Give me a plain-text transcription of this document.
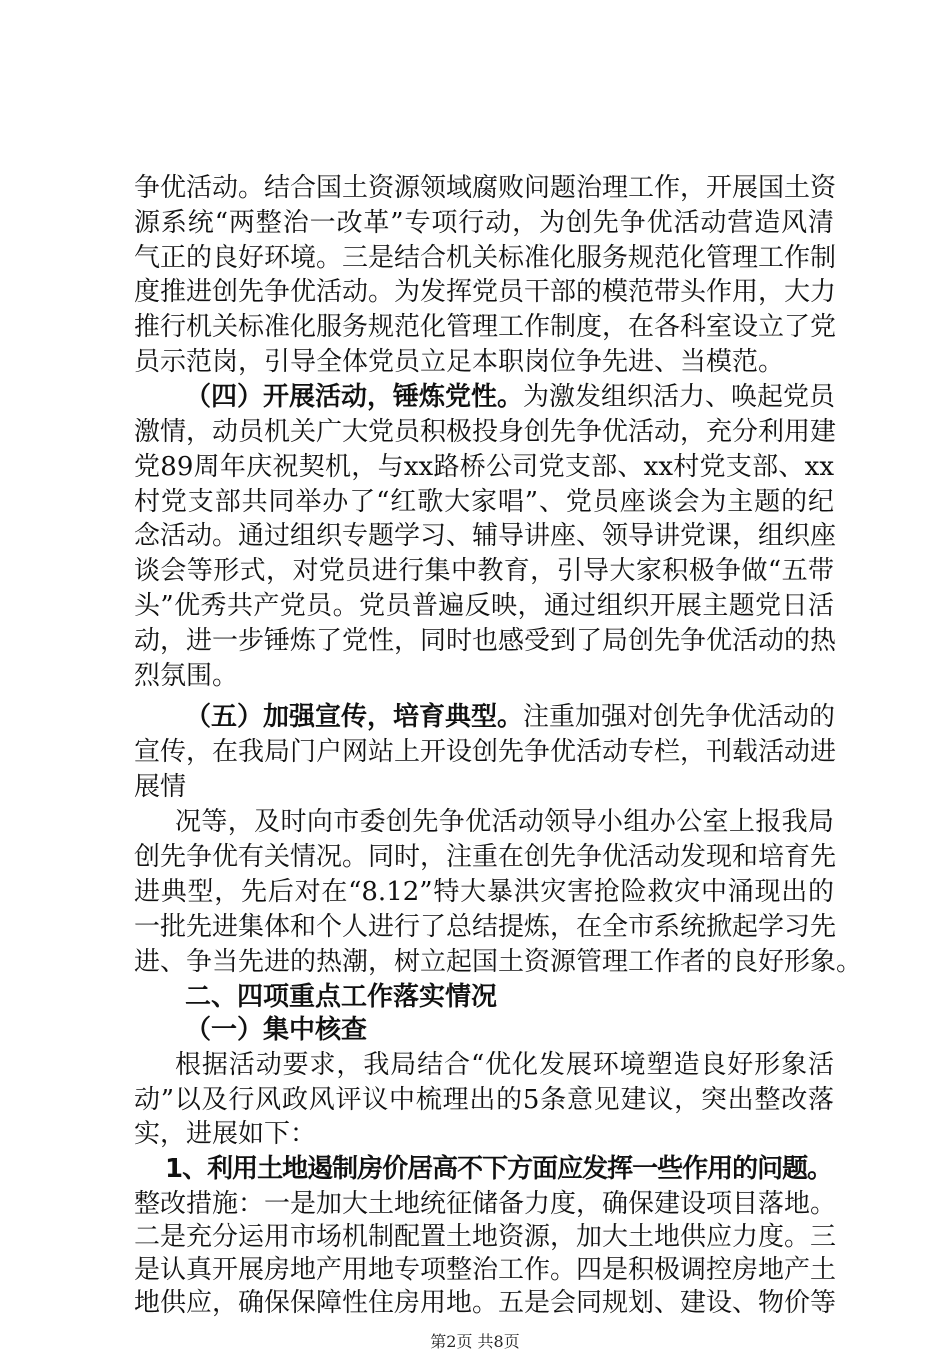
争优活动。结合国土资源领域腐败问题治理工作，开展国土资
源系统“两整治一改革”专项行动，为创先争优活动营造风清
气正的良好环境。三是结合机关标准化服务规范化管理工作制
度推进创先争优活动。为发挥党员干部的模范带头作用，大力
推行机关标准化服务规范化管理工作制度，在各科室设立了党
员示范岗，引导全体党员立足本职岗位争先进、当模范。
（四）开展活动，锤炼党性。为激发组织活力、唤起党员
激情，动员机关广大党员积极投身创先争优活动，充分利用建
党89周年庆祝契机，与xx路桥公司党支部、xx村党支部、xx
村党支部共同举办了“红歌大家唱”、党员座谈会为主题的纪
念活动。通过组织专题学习、辅导讲座、领导讲党课，组织座
谈会等形式，对党员进行集中教育，引导大家积极争做“五带
头”优秀共产党员。党员普遍反映，通过组织开展主题党日活
动，进一步锤炼了党性，同时也感受到了局创先争优活动的热
烈氛围。
（五）加强宣传，培育典型。注重加强对创先争优活动的
宣传，在我局门户网站上开设创先争优活动专栏，刊载活动进
展情
况等，及时向市委创先争优活动领导小组办公室上报我局
创先争优有关情况。同时，注重在创先争优活动发现和培育先
进典型，先后对在“8.12”特大暴洪灾害抢险救灾中涌现出的
一批先进集体和个人进行了总结提炼，在全市系统掀起学习先
进、争当先进的热潮，树立起国土资源管理工作者的良好形象。
二、四项重点工作落实情况
（一）集中核查
根据活动要求，我局结合“优化发展环境塑造良好形象活
动”以及行风政风评议中梳理出的5条意见建议，突出整改落
实，进展如下：
1、利用土地遏制房价居高不下方面应发挥一些作用的问题。
整改措施：一是加大土地统征储备力度，确保建设项目落地。
二是充分运用市场机制配置土地资源，加大土地供应力度。三
是认真开展房地产用地专项整治工作。四是积极调控房地产土
地供应，确保保障性住房用地。五是会同规划、建设、物价等
第2页 共8页
